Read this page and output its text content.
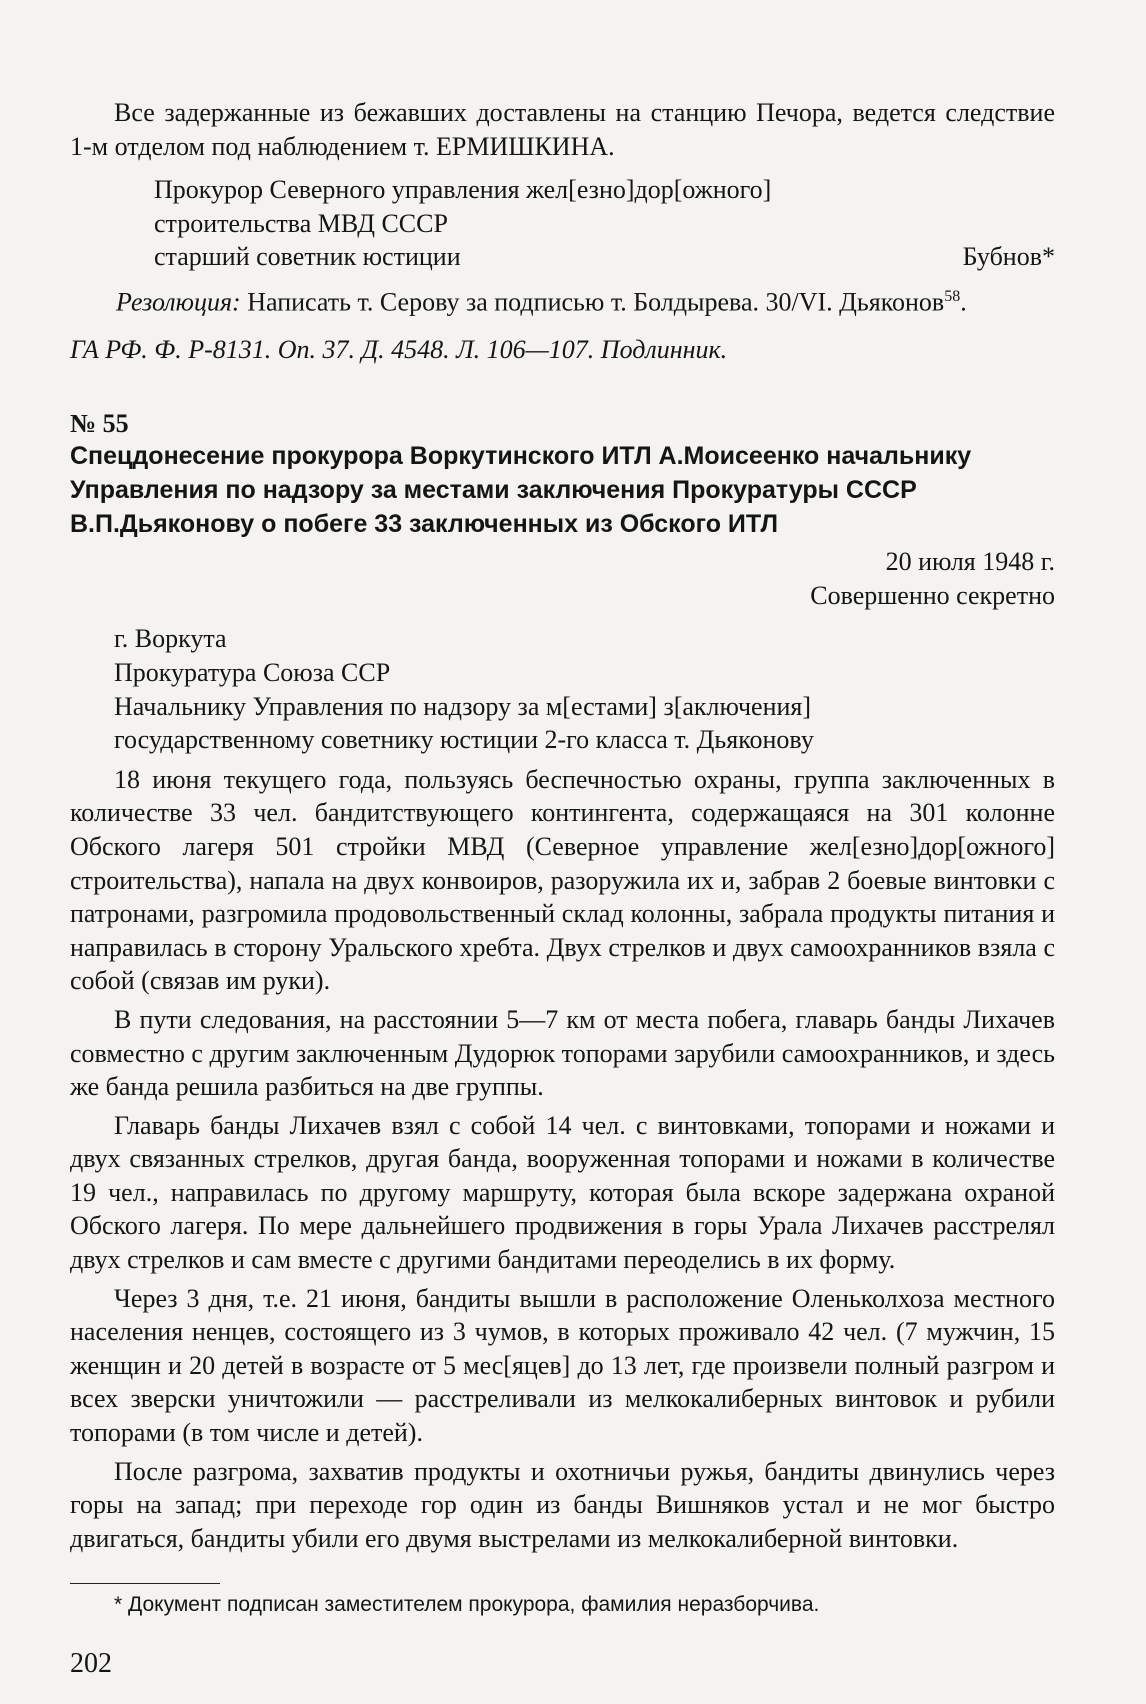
Все задержанные из бежавших доставлены на станцию Печора, ведется следствие 1-м отделом под наблюдением т. ЕРМИШКИНА.

Прокурор Северного управления жел[езно]дор[ожного]
строительства МВД СССР
старший советник юстиции	Бубнов*
Резолюция: Написать т. Серову за подписью т. Болдырева. 30/VI. Дьяконов$^{58}$.
ГА РФ. Ф. Р-8131. Оп. 37. Д. 4548. Л. 106—107. Подлинник.
№ 55
Спецдонесение прокурора Воркутинского ИТЛ А.Моисеенко начальнику
Управления по надзору за местами заключения Прокуратуры СССР
В.П.Дьяконову о побеге 33 заключенных из Обского ИТЛ
20 июля 1948 г.
Совершенно секретно
г. Воркута
Прокуратура Союза ССР
Начальнику Управления по надзору за м[естами] з[аключения]
государственному советнику юстиции 2-го класса т. Дьяконову

18 июня текущего года, пользуясь беспечностью охраны, группа заключенных в количестве 33 чел. бандитствующего контингента, содержащаяся на 301 колонне Обского лагеря 501 стройки МВД (Северное управление жел[езно]дор[ожного] строительства), напала на двух конвоиров, разоружила их и, забрав 2 боевые винтовки с патронами, разгромила продовольственный склад колонны, забрала продукты питания и направилась в сторону Уральского хребта. Двух стрелков и двух самоохранников взяла с собой (связав им руки).

В пути следования, на расстоянии 5—7 км от места побега, главарь банды Лихачев совместно с другим заключенным Дудорюк топорами зарубили самоохранников, и здесь же банда решила разбиться на две группы.

Главарь банды Лихачев взял с собой 14 чел. с винтовками, топорами и ножами и двух связанных стрелков, другая банда, вооруженная топорами и ножами в количестве 19 чел., направилась по другому маршруту, которая была вскоре задержана охраной Обского лагеря. По мере дальнейшего продвижения в горы Урала Лихачев расстрелял двух стрелков и сам вместе с другими бандитами переоделись в их форму.

Через 3 дня, т.е. 21 июня, бандиты вышли в расположение Оленьколхоза местного населения ненцев, состоящего из 3 чумов, в которых проживало 42 чел. (7 мужчин, 15 женщин и 20 детей в возрасте от 5 мес[яцев] до 13 лет, где произвели полный разгром и всех зверски уничтожили — расстреливали из мелкокалиберных винтовок и рубили топорами (в том числе и детей).

После разгрома, захватив продукты и охотничьи ружья, бандиты двинулись через горы на запад; при переходе гор один из банды Вишняков устал и не мог быстро двигаться, бандиты убили его двумя выстрелами из мелкокалиберной винтовки.

* Документ подписан заместителем прокурора, фамилия неразборчива.
202
